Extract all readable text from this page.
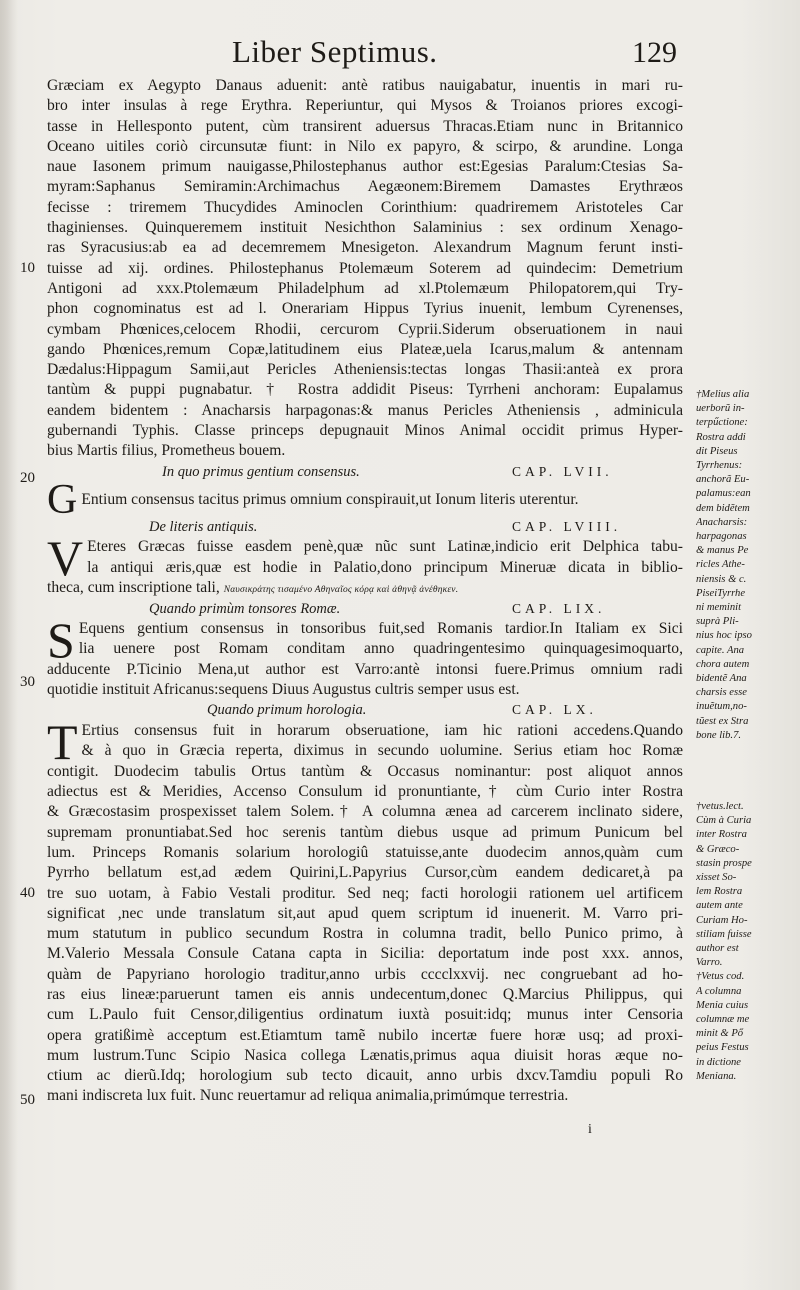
Liber Septimus.	129
10
20
30
40
50
Græciam ex Aegypto Danaus aduenit: antè ratibus nauigabatur, inuentis in mari ru-
bro inter insulas à rege Erythra. Reperiuntur, qui Mysos & Troianos priores excogi-
tasse in Hellesponto putent, cùm transirent aduersus Thracas.Etiam nunc in Britannico
Oceano uitiles coriò circunsutæ fiunt: in Nilo ex papyro, & scirpo, & arundine. Longa
naue Iasonem primum nauigasse,Philostephanus author est:Egesias Paralum:Ctesias Sa-
myram:Saphanus Semiramin:Archimachus Aegæonem:Biremem Damastes Erythræos
fecisse : triremem Thucydides Aminoclen Corinthium: quadriremem Aristoteles Car
thaginienses. Quinqueremem instituit Nesichthon Salaminius : sex ordinum Xenago-
ras Syracusius:ab ea ad decemremem Mnesigeton. Alexandrum Magnum ferunt insti-
tuisse ad xij. ordines. Philostephanus Ptolemæum Soterem ad quindecim: Demetrium
Antigoni ad xxx.Ptolemæum Philadelphum ad xl.Ptolemæum Philopatorem,qui Try-
phon cognominatus est ad l. Onerariam Hippus Tyrius inuenit, lembum Cyrenenses,
cymbam Phœnices,celocem Rhodii, cercurom Cyprii.Siderum obseruationem in naui
gando Phœnices,remum Copæ,latitudinem eius Plateæ,uela Icarus,malum & antennam
Dædalus:Hippagum Samii,aut Pericles Atheniensis:tectas longas Thasii:anteà ex prora
tantùm & puppi pugnabatur. † Rostra addidit Piseus: Tyrrheni anchoram: Eupalamus
eandem bidentem : Anacharsis harpagonas:& manus Pericles Atheniensis , adminicula
gubernandi Typhis. Classe princeps depugnauit Minos Animal occidit primus Hyper-
bius Martis filius, Prometheus bouem.
In quo primus gentium consensus.	CAP. LVII.
G Entium consensus tacitus primus omnium conspirauit,ut Ionum literis uterentur.
De literis antiquis.	CAP. LVIII.
V Eteres Græcas fuisse easdem penè,quæ nũc sunt Latinæ,indicio erit Delphica tabu-
la antiqui æris,quæ est hodie in Palatio,dono principum Mineruæ dicata in biblio-
theca, cum inscriptione tali, Ναυσικράτης τισαμένο Αθηναῖος κόρᾳ καὶ ἀθηνᾷ ἀνέθηκεν.
Quando primùm tonsores Romæ.	CAP. LIX.
S Equens gentium consensus in tonsoribus fuit,sed Romanis tardior.In Italiam ex Sici
lia uenere post Romam conditam anno quadringentesimo quinquagesimoquarto,
adducente P.Ticinio Mena,ut author est Varro:antè intonsi fuere.Primus omnium radi
quotidie instituit Africanus:sequens Diuus Augustus cultris semper usus est.
Quando primum horologia.	CAP. LX.
T Ertius consensus fuit in horarum obseruatione, iam hic rationi accedens.Quando
& à quo in Græcia reperta, diximus in secundo uolumine. Serius etiam hoc Romæ
contigit. Duodecim tabulis Ortus tantùm & Occasus nominantur: post aliquot annos
adiectus est & Meridies, Accenso Consulum id pronuntiante,† cùm Curio inter Rostra
& Græcostasim prospexisset talem Solem.† A columna ænea ad carcerem inclinato sidere,
supremam pronuntiabat.Sed hoc serenis tantùm diebus usque ad primum Punicum bel
lum. Princeps Romanis solarium horologiû statuisse,ante duodecim annos,quàm cum
Pyrrho bellatum est,ad ædem Quirini,L.Papyrius Cursor,cùm eandem dedicaret,à pa
tre suo uotam, à Fabio Vestali proditur. Sed neq; facti horologii rationem uel artificem
significat ,nec unde translatum sit,aut apud quem scriptum id inuenerit. M. Varro pri-
mum statutum in publico secundum Rostra in columna tradit, bello Punico primo, à
M.Valerio Messala Consule Catana capta in Sicilia: deportatum inde post xxx. annos,
quàm de Papyriano horologio traditur,anno urbis cccclxxvij. nec congruebant ad ho-
ras eius lineæ:paruerunt tamen eis annis undecentum,donec Q.Marcius Philippus, qui
cum L.Paulo fuit Censor,diligentius ordinatum iuxtà posuit:idq; munus inter Censoria
opera gratißimè acceptum est.Etiamtum tamẽ nubilo incertæ fuere horæ usq; ad proxi-
mum lustrum.Tunc Scipio Nasica collega Lænatis,primus aqua diuisit horas æque no-
ctium ac dierũ.Idq; horologium sub tecto dicauit, anno urbis dxcv.Tamdiu populi Ro
mani indiscreta lux fuit. Nunc reuertamur ad reliqua animalia,primúmque terrestria.
†Melius alia
uerborũ in-
terpűctione:
Rostra addi
dit Piseus
Tyrrhenus:
anchorã Eu-
palamus:ean
dem bidẽtem
Anacharsis:
harpagonas
& manus Pe
ricles Athe-
niensis & c.
PiseiTyrrhe
ni meminit
suprà Pli-
nius hoc ipso
capite. Ana
chora autem
bidentẽ Ana
charsis esse
inuẽtum,no-
tũest ex Stra
bone lib.7.
†vetus.lect.
Cùm à Curia
inter Rostra
& Græco-
stasin prospe
xisset So-
lem Rostra
autem ante
Curiam Ho-
stiliam fuisse
author est
Varro.
†Vetus cod.
A columna
Menia cuius
columnæ me
minit & Pő
peius Festus
in dictione
Meniana.
i
